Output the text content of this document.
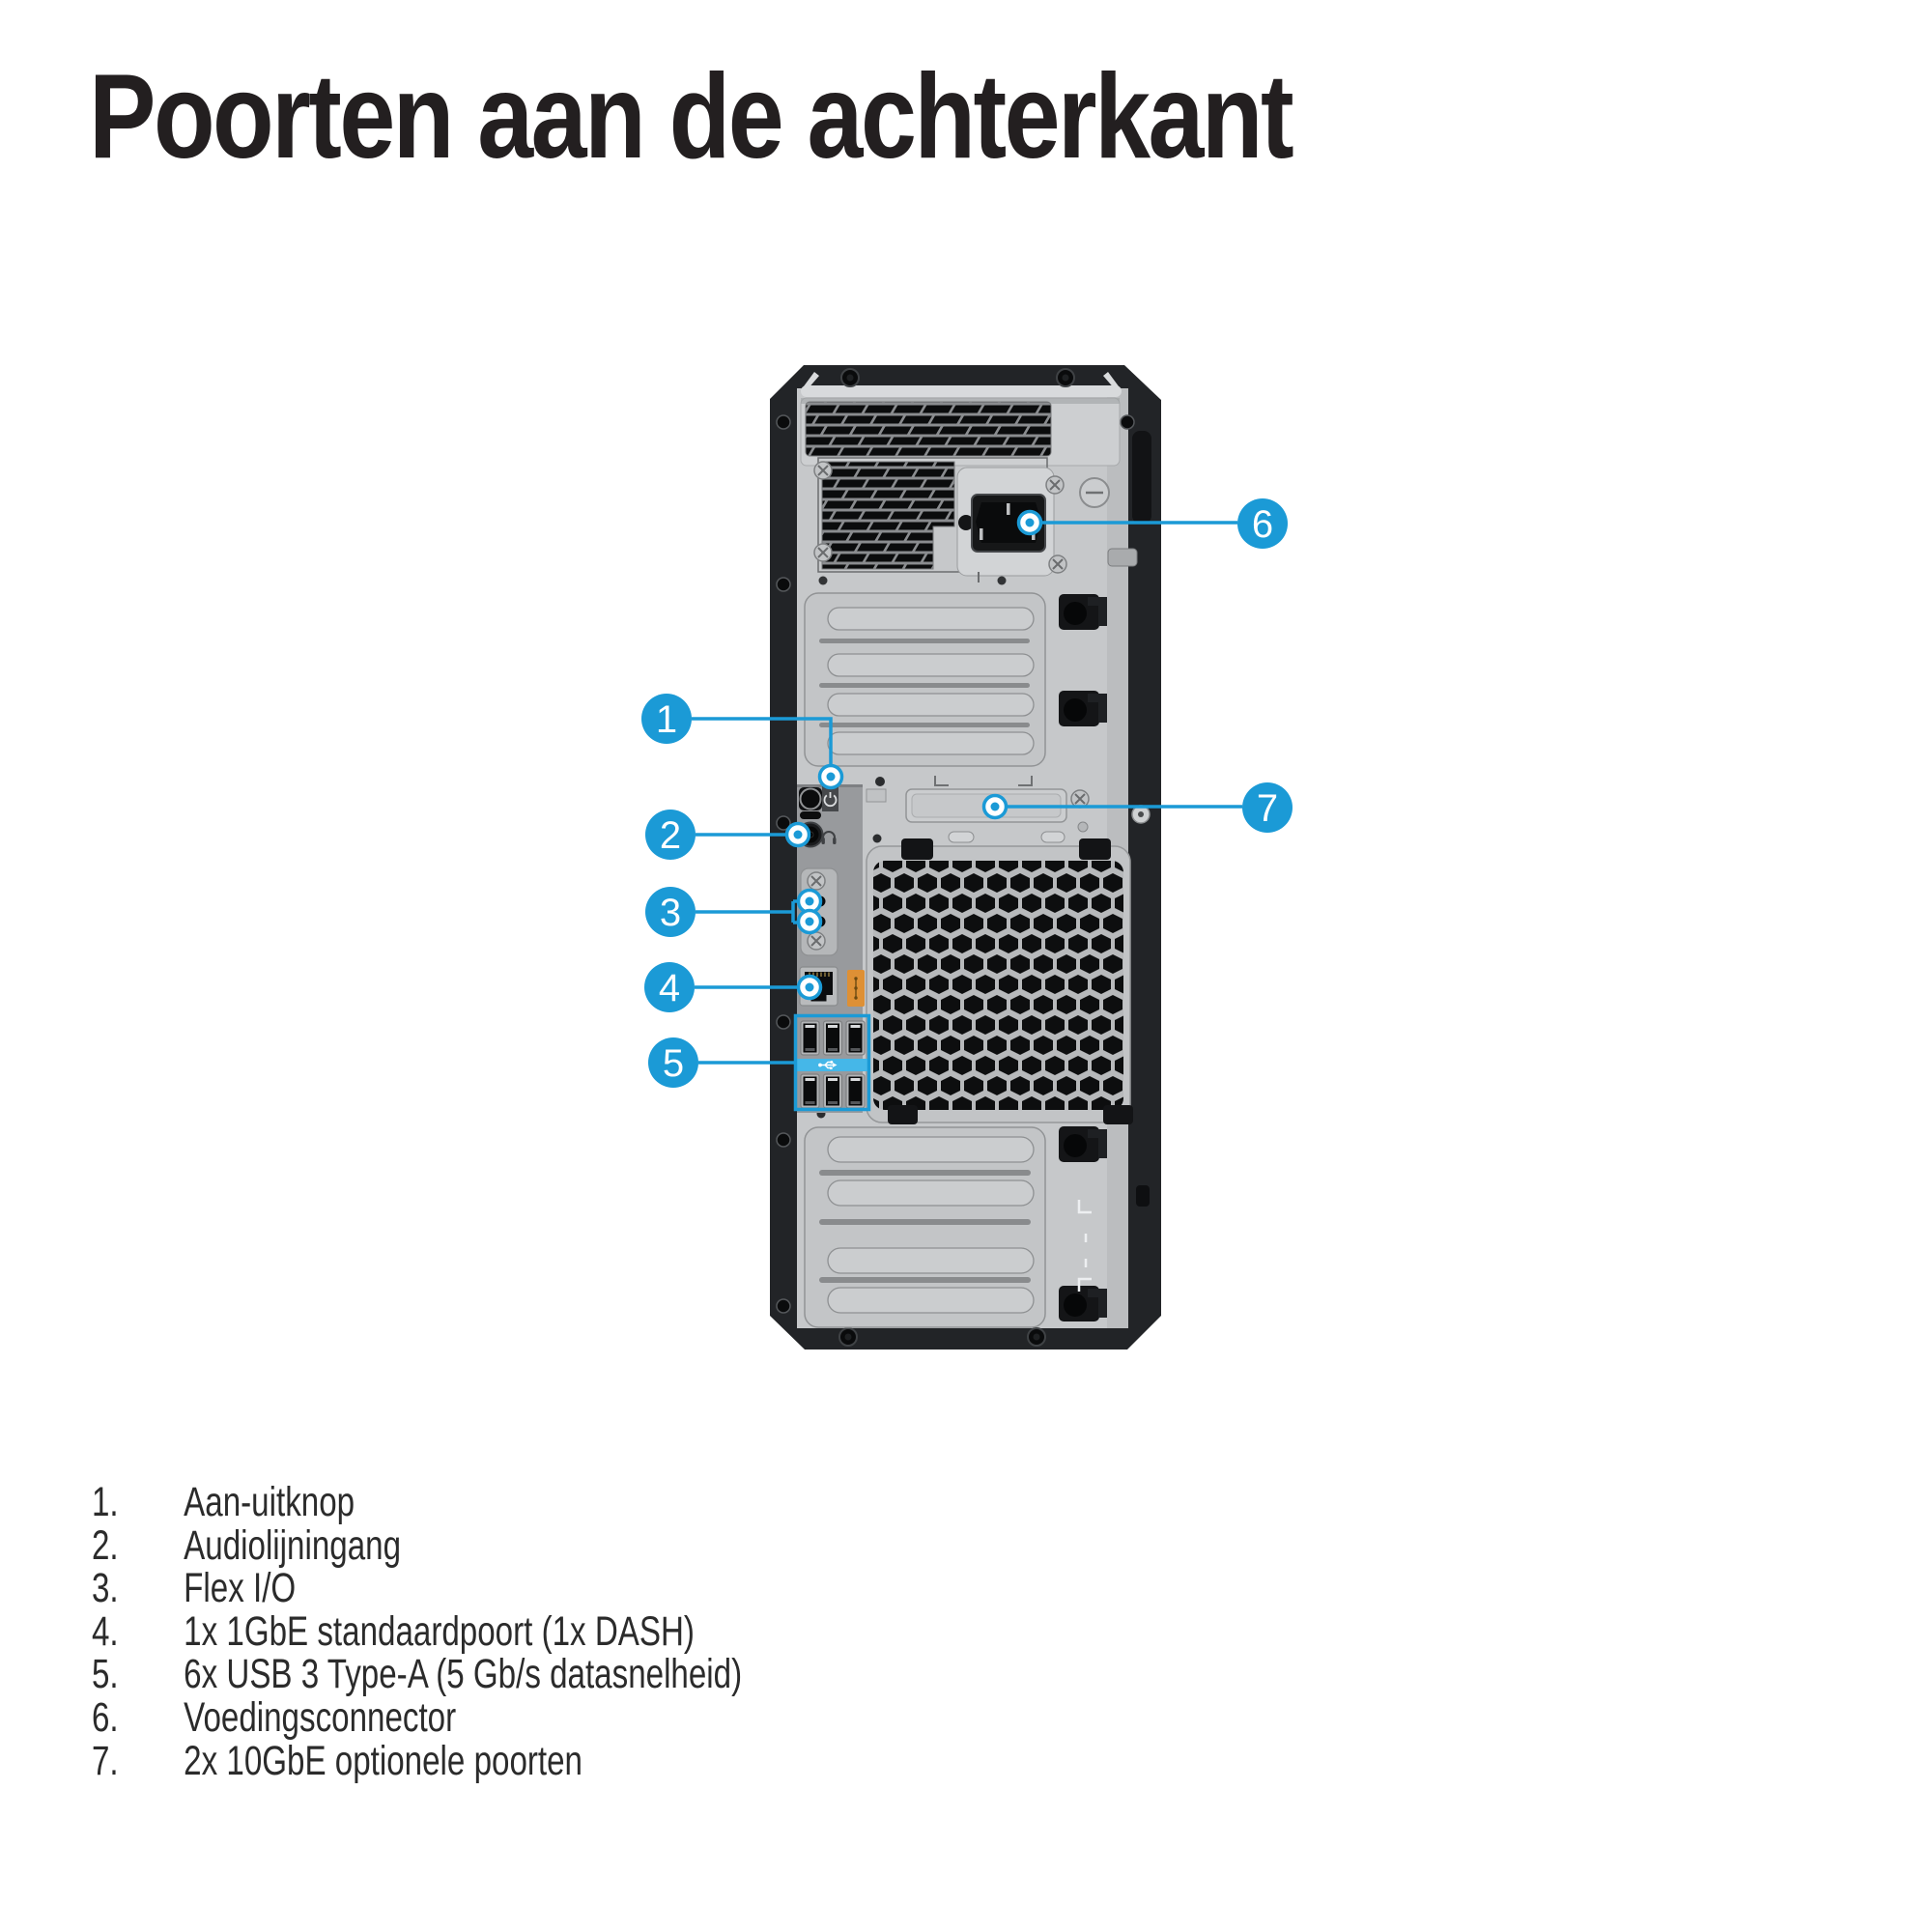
Poorten aan de achterkant
1
2
3
4
5
6
7
1.	Aan-uitknop
2.	Audiolijningang
3.	Flex I/O
4.	1x 1GbE standaardpoort (1x DASH)
5.	6x USB 3 Type-A (5 Gb/s datasnelheid)
6.	Voedingsconnector
7.	2x 10GbE optionele poorten
